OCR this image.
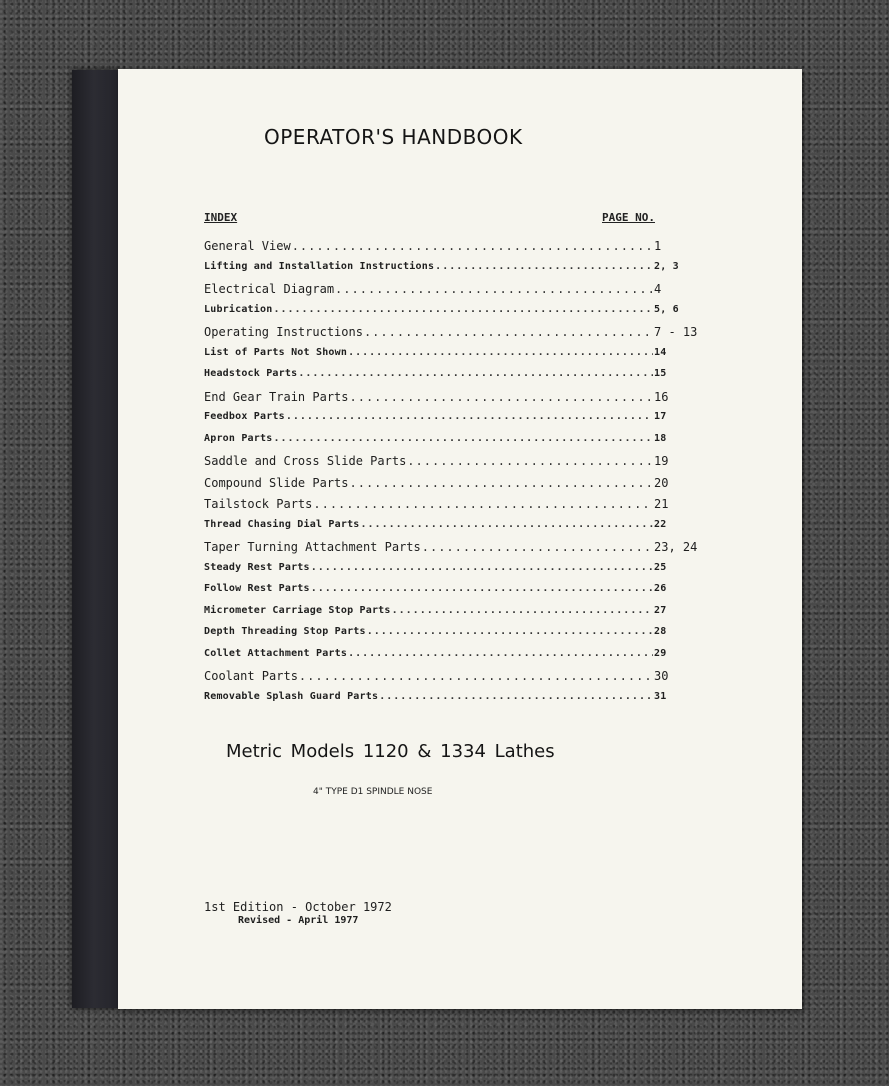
OPERATOR'S HANDBOOK
INDEX	PAGE NO.
General View .....	1
Lifting and Installation Instructions .....	2, 3
Electrical Diagram .....	4
Lubrication .....	5, 6
Operating Instructions .....	7 - 13
List of Parts Not Shown .....	14
Headstock Parts .....	15
End Gear Train Parts .....	16
Feedbox Parts .....	17
Apron Parts .....	18
Saddle and Cross Slide Parts .....	19
Compound Slide Parts .....	20
Tailstock Parts .....	21
Thread Chasing Dial Parts .....	22
Taper Turning Attachment Parts .....	23, 24
Steady Rest Parts .....	25
Follow Rest Parts .....	26
Micrometer Carriage Stop Parts .....	27
Depth Threading Stop Parts .....	28
Collet Attachment Parts .....	29
Coolant Parts .....	30
Removable Splash Guard Parts .....	31
Metric Models 1120 & 1334 Lathes
4" TYPE D1 SPINDLE NOSE
1st Edition - October 1972
Revised - April 1977
